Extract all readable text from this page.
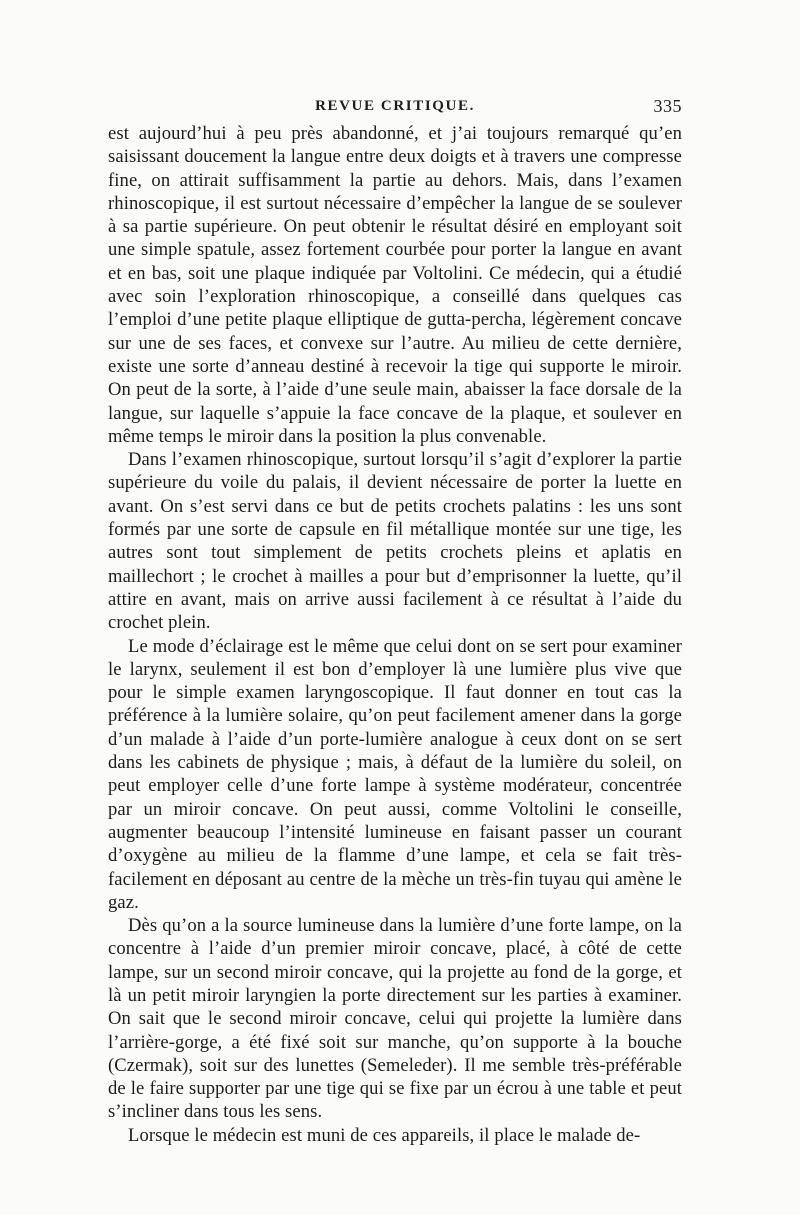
REVUE CRITIQUE.	335

est aujourd’hui à peu près abandonné, et j’ai toujours remarqué qu’en saisissant doucement la langue entre deux doigts et à travers une compresse fine, on attirait suffisamment la partie au dehors. Mais, dans l’examen rhinoscopique, il est surtout nécessaire d’empêcher la langue de se soulever à sa partie supérieure. On peut obtenir le résultat désiré en employant soit une simple spatule, assez fortement courbée pour porter la langue en avant et en bas, soit une plaque indiquée par Voltolini. Ce médecin, qui a étudié avec soin l’exploration rhinoscopique, a conseillé dans quelques cas l’emploi d’une petite plaque elliptique de gutta-percha, légèrement concave sur une de ses faces, et convexe sur l’autre. Au milieu de cette dernière, existe une sorte d’anneau destiné à recevoir la tige qui supporte le miroir. On peut de la sorte, à l’aide d’une seule main, abaisser la face dorsale de la langue, sur laquelle s’appuie la face concave de la plaque, et soulever en même temps le miroir dans la position la plus convenable.

Dans l’examen rhinoscopique, surtout lorsqu’il s’agit d’explorer la partie supérieure du voile du palais, il devient nécessaire de porter la luette en avant. On s’est servi dans ce but de petits crochets palatins : les uns sont formés par une sorte de capsule en fil métallique montée sur une tige, les autres sont tout simplement de petits crochets pleins et aplatis en maillechort ; le crochet à mailles a pour but d’emprisonner la luette, qu’il attire en avant, mais on arrive aussi facilement à ce résultat à l’aide du crochet plein.

Le mode d’éclairage est le même que celui dont on se sert pour examiner le larynx, seulement il est bon d’employer là une lumière plus vive que pour le simple examen laryngoscopique. Il faut donner en tout cas la préférence à la lumière solaire, qu’on peut facilement amener dans la gorge d’un malade à l’aide d’un porte-lumière analogue à ceux dont on se sert dans les cabinets de physique ; mais, à défaut de la lumière du soleil, on peut employer celle d’une forte lampe à système modérateur, concentrée par un miroir concave. On peut aussi, comme Voltolini le conseille, augmenter beaucoup l’intensité lumineuse en faisant passer un courant d’oxygène au milieu de la flamme d’une lampe, et cela se fait très-facilement en déposant au centre de la mèche un très-fin tuyau qui amène le gaz.

Dès qu’on a la source lumineuse dans la lumière d’une forte lampe, on la concentre à l’aide d’un premier miroir concave, placé, à côté de cette lampe, sur un second miroir concave, qui la projette au fond de la gorge, et là un petit miroir laryngien la porte directement sur les parties à examiner. On sait que le second miroir concave, celui qui projette la lumière dans l’arrière-gorge, a été fixé soit sur manche, qu’on supporte à la bouche (Czermak), soit sur des lunettes (Semeleder). Il me semble très-préférable de le faire supporter par une tige qui se fixe par un écrou à une table et peut s’incliner dans tous les sens.

Lorsque le médecin est muni de ces appareils, il place le malade de-
